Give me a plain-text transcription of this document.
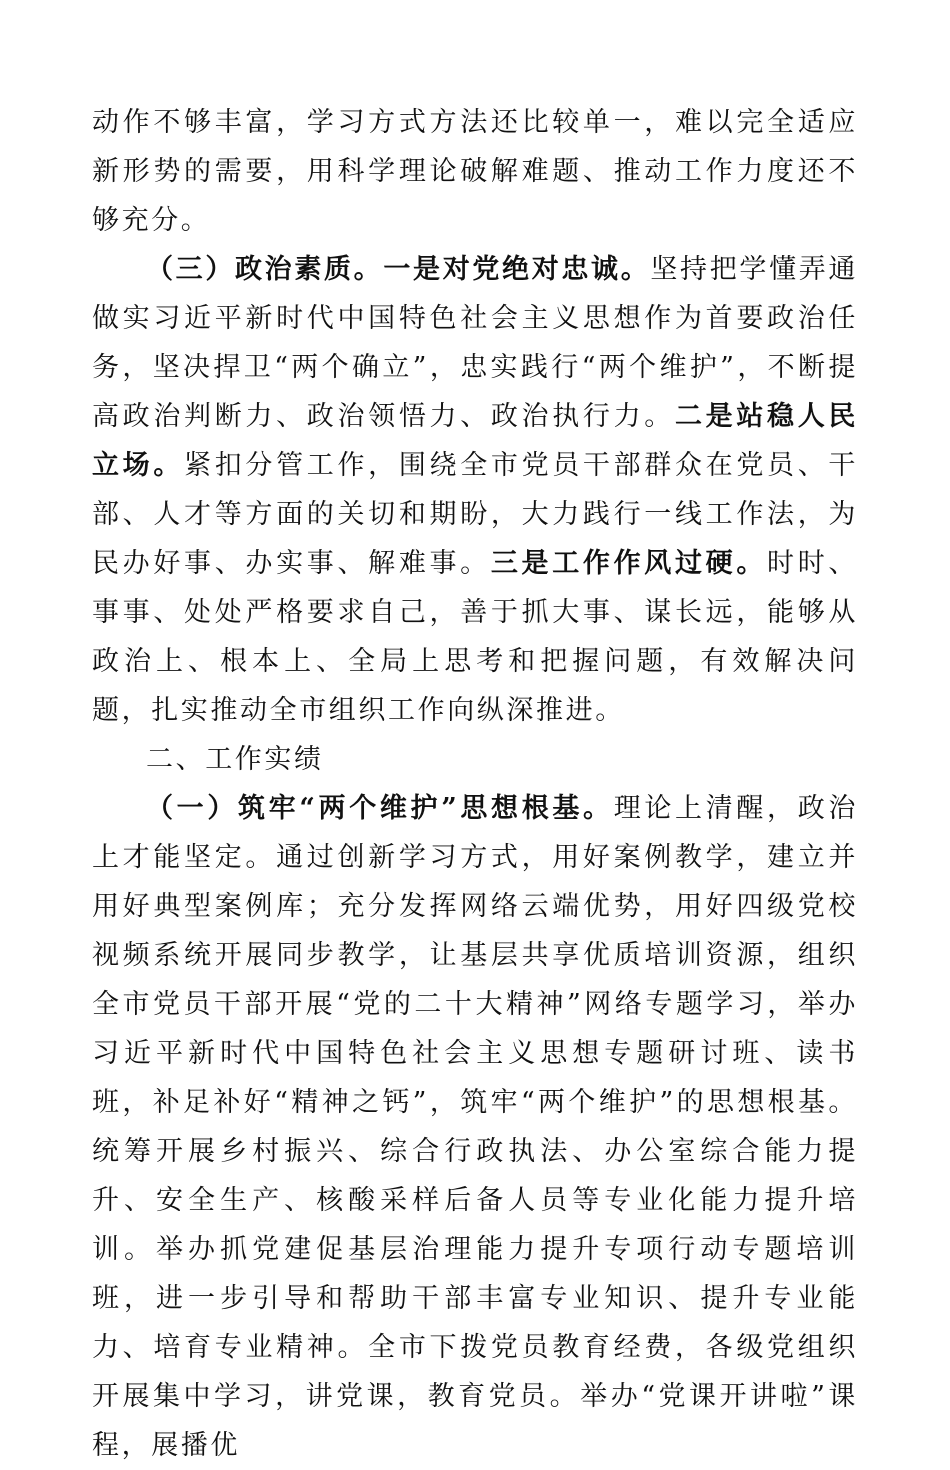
动作不够丰富，学习方式方法还比较单一，难以完全适应新形势的需要，用科学理论破解难题、推动工作力度还不够充分。

（三）政治素质。一是对党绝对忠诚。坚持把学懂弄通做实习近平新时代中国特色社会主义思想作为首要政治任务，坚决捍卫“两个确立”，忠实践行“两个维护”，不断提高政治判断力、政治领悟力、政治执行力。二是站稳人民立场。紧扣分管工作，围绕全市党员干部群众在党员、干部、人才等方面的关切和期盼，大力践行一线工作法，为民办好事、办实事、解难事。三是工作作风过硬。时时、事事、处处严格要求自己，善于抓大事、谋长远，能够从政治上、根本上、全局上思考和把握问题，有效解决问题，扎实推动全市组织工作向纵深推进。

二、工作实绩

（一）筑牢“两个维护”思想根基。理论上清醒，政治上才能坚定。通过创新学习方式，用好案例教学，建立并用好典型案例库；充分发挥网络云端优势，用好四级党校视频系统开展同步教学，让基层共享优质培训资源，组织全市党员干部开展“党的二十大精神”网络专题学习，举办习近平新时代中国特色社会主义思想专题研讨班、读书班，补足补好“精神之钙”，筑牢“两个维护”的思想根基。统筹开展乡村振兴、综合行政执法、办公室综合能力提升、安全生产、核酸采样后备人员等专业化能力提升培训。举办抓党建促基层治理能力提升专项行动专题培训班，进一步引导和帮助干部丰富专业知识、提升专业能力、培育专业精神。全市下拨党员教育经费，各级党组织开展集中学习，讲党课，教育党员。举办“党课开讲啦”课程，展播优
